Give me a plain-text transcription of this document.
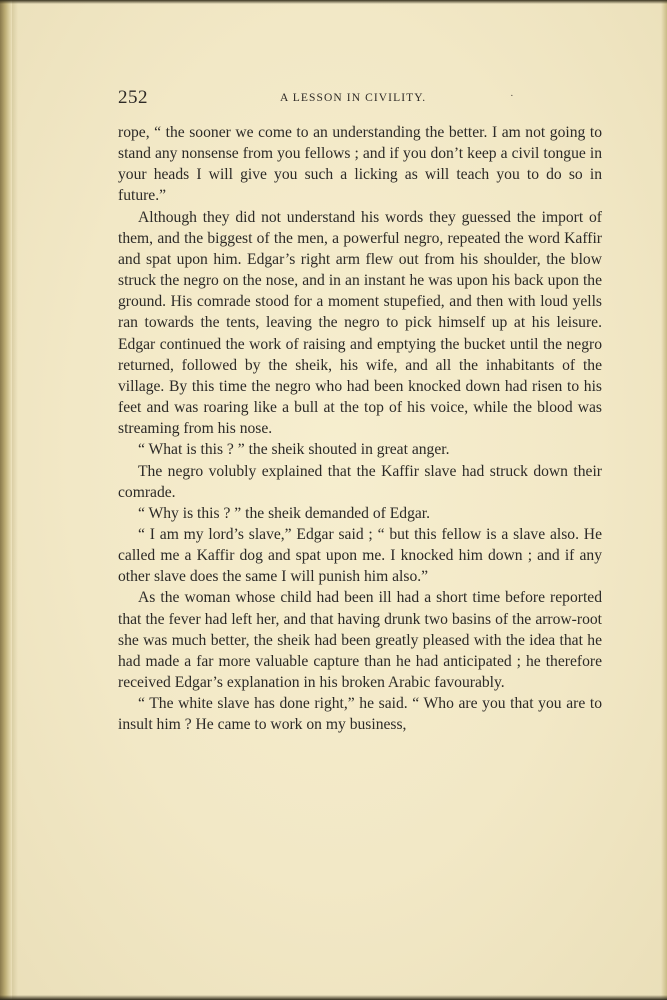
252	A LESSON IN CIVILITY.	·

rope, “ the sooner we come to an understanding the better. I am not going to stand any nonsense from you fellows ; and if you don’t keep a civil tongue in your heads I will give you such a licking as will teach you to do so in future.”

Although they did not understand his words they guessed the import of them, and the biggest of the men, a powerful negro, repeated the word Kaffir and spat upon him. Edgar’s right arm flew out from his shoulder, the blow struck the negro on the nose, and in an instant he was upon his back upon the ground. His comrade stood for a moment stupefied, and then with loud yells ran towards the tents, leaving the negro to pick himself up at his leisure. Edgar continued the work of raising and emptying the bucket until the negro returned, followed by the sheik, his wife, and all the inhabitants of the village. By this time the negro who had been knocked down had risen to his feet and was roaring like a bull at the top of his voice, while the blood was streaming from his nose.

“ What is this ? ” the sheik shouted in great anger.

The negro volubly explained that the Kaffir slave had struck down their comrade.

“ Why is this ? ” the sheik demanded of Edgar.

“ I am my lord’s slave,” Edgar said ; “ but this fellow is a slave also. He called me a Kaffir dog and spat upon me. I knocked him down ; and if any other slave does the same I will punish him also.”

As the woman whose child had been ill had a short time before reported that the fever had left her, and that having drunk two basins of the arrow-root she was much better, the sheik had been greatly pleased with the idea that he had made a far more valuable capture than he had anticipated ; he therefore received Edgar’s explanation in his broken Arabic favourably.

“ The white slave has done right,” he said. “ Who are you that you are to insult him ? He came to work on my business,
